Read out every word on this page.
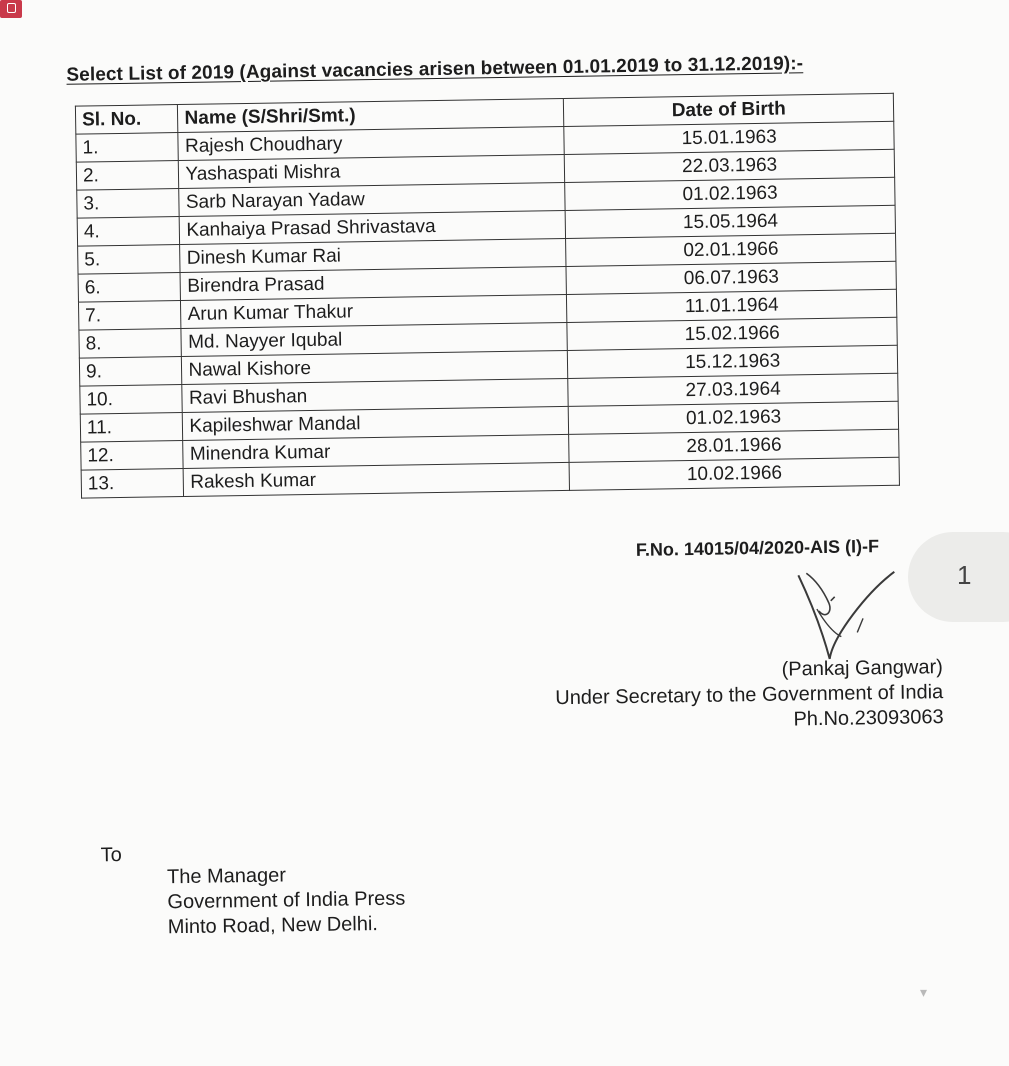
Select List of 2019 (Against vacancies arisen between 01.01.2019 to 31.12.2019):-
Sl. No.	Name (S/Shri/Smt.)	Date of Birth
1.	Rajesh Choudhary	15.01.1963
2.	Yashaspati Mishra	22.03.1963
3.	Sarb Narayan Yadaw	01.02.1963
4.	Kanhaiya Prasad Shrivastava	15.05.1964
5.	Dinesh Kumar Rai	02.01.1966
6.	Birendra Prasad	06.07.1963
7.	Arun Kumar Thakur	11.01.1964
8.	Md. Nayyer Iqubal	15.02.1966
9.	Nawal Kishore	15.12.1963
10.	Ravi Bhushan	27.03.1964
11.	Kapileshwar Mandal	01.02.1963
12.	Minendra Kumar	28.01.1966
13.	Rakesh Kumar	10.02.1966
F.No. 14015/04/2020-AIS (I)-F
(Pankaj Gangwar)
Under Secretary to the Government of India
Ph.No.23093063
To
The Manager
Government of India Press
Minto Road, New Delhi.
1
▾
